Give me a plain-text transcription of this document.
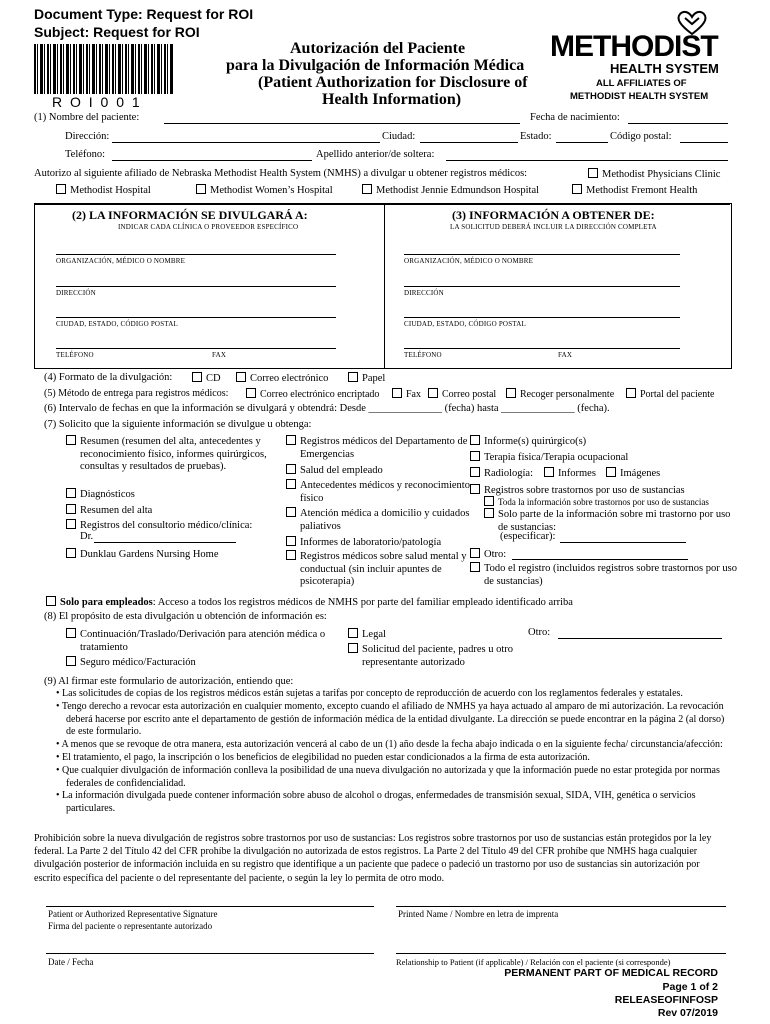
Document Type: Request for ROI
Subject: Request for ROI
R O I 0 0 1
Autorización del Paciente
para la Divulgación de Información Médica
(Patient Authorization for Disclosure of
Health Information)
METHODIST
HEALTH SYSTEM
ALL AFFILIATES OF
METHODIST HEALTH SYSTEM
(1) Nombre del paciente:	Fecha de nacimiento:
Dirección:	Ciudad:	Estado:	Código postal:
Teléfono:	Apellido anterior/de soltera:
Autorizo al siguiente afiliado de Nebraska Methodist Health System (NMHS) a divulgar u obtener registros médicos:	Methodist Physicians Clinic
Methodist Hospital	Methodist Women’s Hospital	Methodist Jennie Edmundson Hospital	Methodist Fremont Health
(2) LA INFORMACIÓN SE DIVULGARÁ A:
INDICAR CADA CLÍNICA O PROVEEDOR ESPECÍFICO
ORGANIZACIÓN, MÉDICO O NOMBRE
DIRECCIÓN
CIUDAD, ESTADO, CÓDIGO POSTAL
TELÉFONO	FAX
(3) INFORMACIÓN A OBTENER DE:
LA SOLICITUD DEBERÁ INCLUIR LA DIRECCIÓN COMPLETA
ORGANIZACIÓN, MÉDICO O NOMBRE
DIRECCIÓN
CIUDAD, ESTADO, CÓDIGO POSTAL
TELÉFONO	FAX
(4) Formato de la divulgación:	CD	Correo electrónico	Papel
(5) Método de entrega para registros médicos:	Correo electrónico encriptado	Fax	Correo postal	Recoger personalmente	Portal del paciente
(6) Intervalo de fechas en que la información se divulgará y obtendrá: Desde ______________ (fecha) hasta ______________ (fecha).
(7) Solicito que la siguiente información se divulgue u obtenga:
Resumen (resumen del alta, antecedentes y reconocimiento físico, informes quirúrgicos, consultas y resultados de pruebas).
Diagnósticos
Resumen del alta
Registros del consultorio médico/clínica:
Dr.
Dunklau Gardens Nursing Home
Registros médicos del Departamento de Emergencias
Salud del empleado
Antecedentes médicos y reconocimiento físico
Atención médica a domicilio y cuidados paliativos
Informes de laboratorio/patología
Registros médicos sobre salud mental y conductual (sin incluir apuntes de psicoterapia)
Informe(s) quirúrgico(s)
Terapia física/Terapia ocupacional
Radiología:	Informes	Imágenes
Registros sobre trastornos por uso de sustancias
Toda la información sobre trastornos por uso de sustancias
Solo parte de la información sobre mi trastorno por uso de sustancias:
(especificar):
Otro:
Todo el registro (incluidos registros sobre trastornos por uso de sustancias)
Solo para empleados: Acceso a todos los registros médicos de NMHS por parte del familiar empleado identificado arriba
(8) El propósito de esta divulgación u obtención de información es:
Continuación/Traslado/Derivación para atención médica o tratamiento
Seguro médico/Facturación
Legal
Solicitud del paciente, padres u otro representante autorizado
Otro:
(9) Al firmar este formulario de autorización, entiendo que:
• Las solicitudes de copias de los registros médicos están sujetas a tarifas por concepto de reproducción de acuerdo con los reglamentos federales y estatales.
• Tengo derecho a revocar esta autorización en cualquier momento, excepto cuando el afiliado de NMHS ya haya actuado al amparo de mi autorización. La revocación deberá hacerse por escrito ante el departamento de gestión de información médica de la entidad divulgante. La dirección se puede encontrar en la página 2 (al dorso) de este formulario.
• A menos que se revoque de otra manera, esta autorización vencerá al cabo de un (1) año desde la fecha abajo indicada o en la siguiente fecha/ circunstancia/afección:
• El tratamiento, el pago, la inscripción o los beneficios de elegibilidad no pueden estar condicionados a la firma de esta autorización.
• Que cualquier divulgación de información conlleva la posibilidad de una nueva divulgación no autorizada y que la información puede no estar protegida por normas federales de confidencialidad.
• La información divulgada puede contener información sobre abuso de alcohol o drogas, enfermedades de transmisión sexual, SIDA, VIH, genética o servicios particulares.
Prohibición sobre la nueva divulgación de registros sobre trastornos por uso de sustancias: Los registros sobre trastornos por uso de sustancias están protegidos por la ley federal. La Parte 2 del Título 42 del CFR prohíbe la divulgación no autorizada de estos registros. La Parte 2 del Título 49 del CFR prohíbe que NMHS haga cualquier divulgación posterior de información incluida en su registro que identifique a un paciente que padece o padeció un trastorno por uso de sustancias sin autorización por escrito específica del paciente o del representante del paciente, o según la ley lo permita de otro modo.
Patient or Authorized Representative Signature
Firma del paciente o representante autorizado
Printed Name / Nombre en letra de imprenta
Date / Fecha	Relationship to Patient (if applicable) / Relación con el paciente (si corresponde)
PERMANENT PART OF MEDICAL RECORD
Page 1 of 2
RELEASEOFINFOSP
Rev 07/2019
